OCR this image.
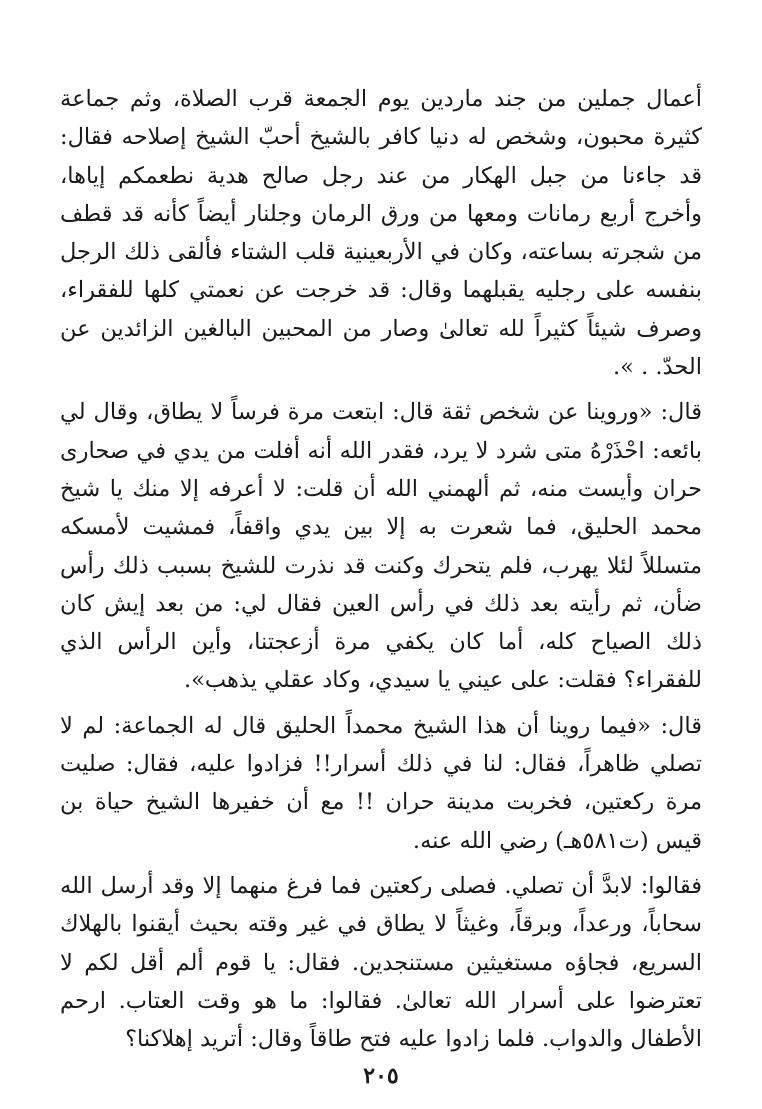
أعمال جملين من جند ماردين يوم الجمعة قرب الصلاة، وثم جماعة كثيرة محبون، وشخص له دنيا كافر بالشيخ أحبّ الشيخ إصلاحه فقال: قد جاءنا من جبل الهكار من عند رجل صالح هدية نطعمكم إياها، وأخرج أربع رمانات ومعها من ورق الرمان وجلنار أيضاً كأنه قد قطف من شجرته بساعته، وكان في الأربعينية قلب الشتاء فألقى ذلك الرجل بنفسه على رجليه يقبلهما وقال: قد خرجت عن نعمتي كلها للفقراء، وصرف شيئاً كثيراً لله تعالىٰ وصار من المحبين البالغين الزائدين عن الحدّ. . ».

قال: «وروينا عن شخص ثقة قال: ابتعت مرة فرساً لا يطاق، وقال لي بائعه: احْذَرْهُ متى شرد لا يرد، فقدر الله أنه أفلت من يدي في صحارى حران وأيست منه، ثم ألهمني الله أن قلت: لا أعرفه إلا منك يا شيخ محمد الحليق، فما شعرت به إلا بين يدي واقفاً، فمشيت لأمسكه متسللاً لئلا يهرب، فلم يتحرك وكنت قد نذرت للشيخ بسبب ذلك رأس ضأن، ثم رأيته بعد ذلك في رأس العين فقال لي: من بعد إيش كان ذلك الصياح كله، أما كان يكفي مرة أزعجتنا، وأين الرأس الذي للفقراء؟ فقلت: على عيني يا سيدي، وكاد عقلي يذهب».

قال: «فيما روينا أن هذا الشيخ محمداً الحليق قال له الجماعة: لم لا تصلي ظاهراً، فقال: لنا في ذلك أسرار!! فزادوا عليه، فقال: صليت مرة ركعتين، فخربت مدينة حران !! مع أن خفيرها الشيخ حياة بن قيس (ت٥٨١هـ) رضي الله عنه.

فقالوا: لابدَّ أن تصلي. فصلى ركعتين فما فرغ منهما إلا وقد أرسل الله سحاباً، ورعداً، وبرقاً، وغيثاً لا يطاق في غير وقته بحيث أيقنوا بالهلاك السريع، فجاؤه مستغيثين مستنجدين. فقال: يا قوم ألم أقل لكم لا تعترضوا على أسرار الله تعالىٰ. فقالوا: ما هو وقت العتاب. ارحم الأطفال والدواب. فلما زادوا عليه فتح طاقاً وقال: أتريد إهلاكنا؟

٢٠٥
